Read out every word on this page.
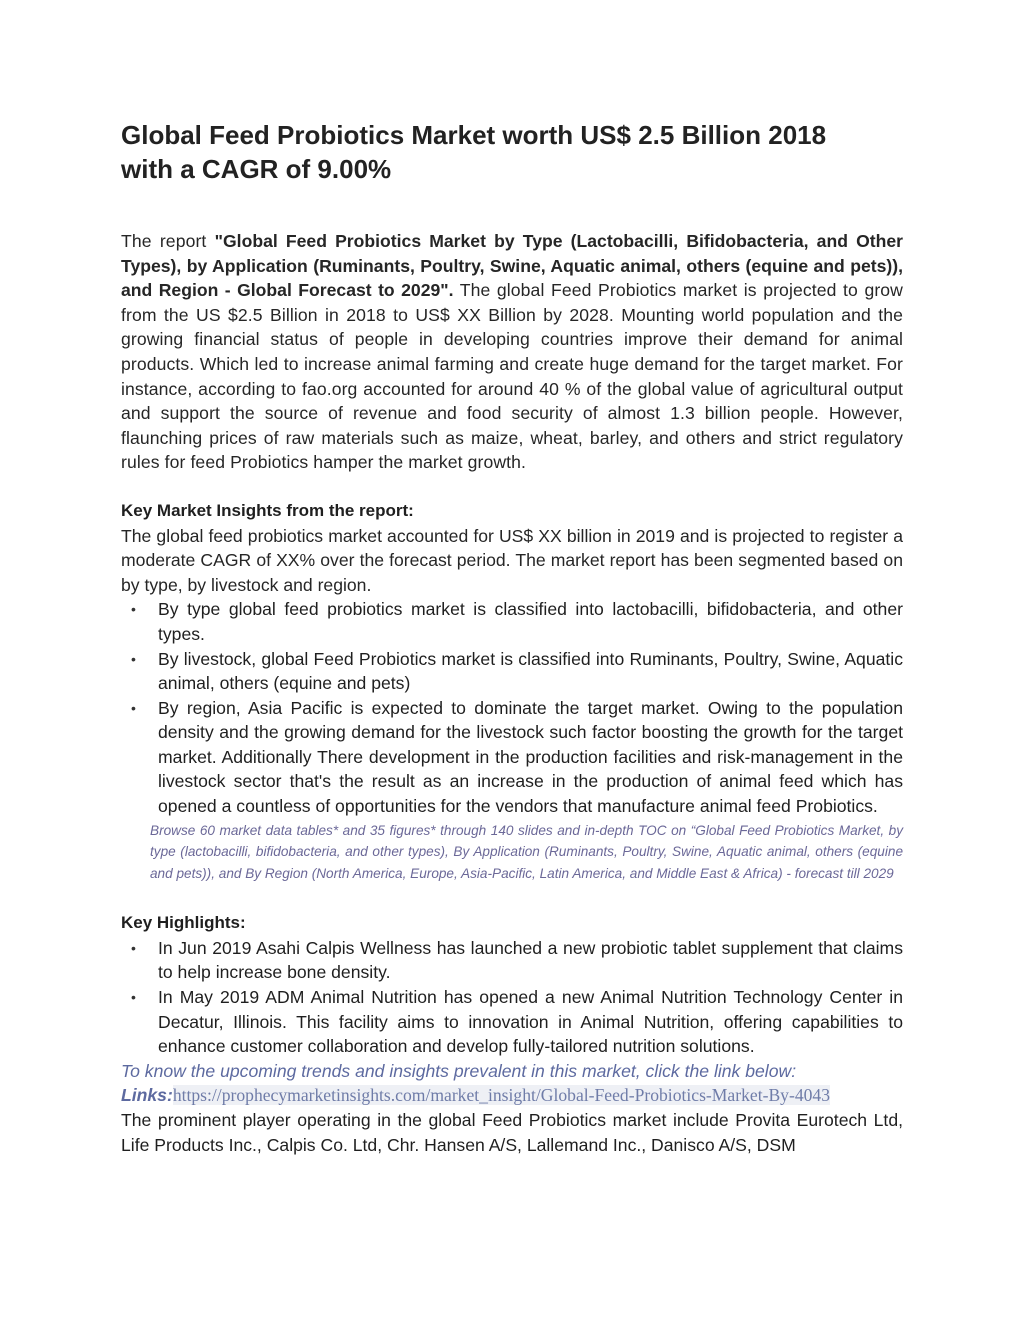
Global Feed Probiotics Market worth US$ 2.5 Billion 2018
with a CAGR of 9.00%

The report "Global Feed Probiotics Market by Type (Lactobacilli, Bifidobacteria, and Other Types), by Application (Ruminants, Poultry, Swine, Aquatic animal, others (equine and pets)), and Region - Global Forecast to 2029". The global Feed Probiotics market is projected to grow from the US $2.5 Billion in 2018 to US$ XX Billion by 2028. Mounting world population and the growing financial status of people in developing countries improve their demand for animal products. Which led to increase animal farming and create huge demand for the target market. For instance, according to fao.org accounted for around 40 % of the global value of agricultural output and support the source of revenue and food security of almost 1.3 billion people. However, flaunching prices of raw materials such as maize, wheat, barley, and others and strict regulatory rules for feed Probiotics hamper the market growth.

Key Market Insights from the report:

The global feed probiotics market accounted for US$ XX billion in 2019 and is projected to register a moderate CAGR of XX% over the forecast period. The market report has been segmented based on by type, by livestock and region.

• By type global feed probiotics market is classified into lactobacilli, bifidobacteria, and other types.
• By livestock, global Feed Probiotics market is classified into Ruminants, Poultry, Swine, Aquatic animal, others (equine and pets)
• By region, Asia Pacific is expected to dominate the target market. Owing to the population density and the growing demand for the livestock such factor boosting the growth for the target market. Additionally There development in the production facilities and risk-management in the livestock sector that's the result as an increase in the production of animal feed which has opened a countless of opportunities for the vendors that manufacture animal feed Probiotics.

Browse 60 market data tables* and 35 figures* through 140 slides and in-depth TOC on “Global Feed Probiotics Market, by type (lactobacilli, bifidobacteria, and other types), By Application (Ruminants, Poultry, Swine, Aquatic animal, others (equine and pets)), and By Region (North America, Europe, Asia-Pacific, Latin America, and Middle East & Africa) - forecast till 2029

Key Highlights:
• In Jun 2019 Asahi Calpis Wellness has launched a new probiotic tablet supplement that claims to help increase bone density.
• In May 2019 ADM Animal Nutrition has opened a new Animal Nutrition Technology Center in Decatur, Illinois. This facility aims to innovation in Animal Nutrition, offering capabilities to enhance customer collaboration and develop fully-tailored nutrition solutions.

To know the upcoming trends and insights prevalent in this market, click the link below:

Links:https://prophecymarketinsights.com/market_insight/Global-Feed-Probiotics-Market-By-4043

The prominent player operating in the global Feed Probiotics market include Provita Eurotech Ltd, Life Products Inc., Calpis Co. Ltd, Chr. Hansen A/S, Lallemand Inc., Danisco A/S, DSM
